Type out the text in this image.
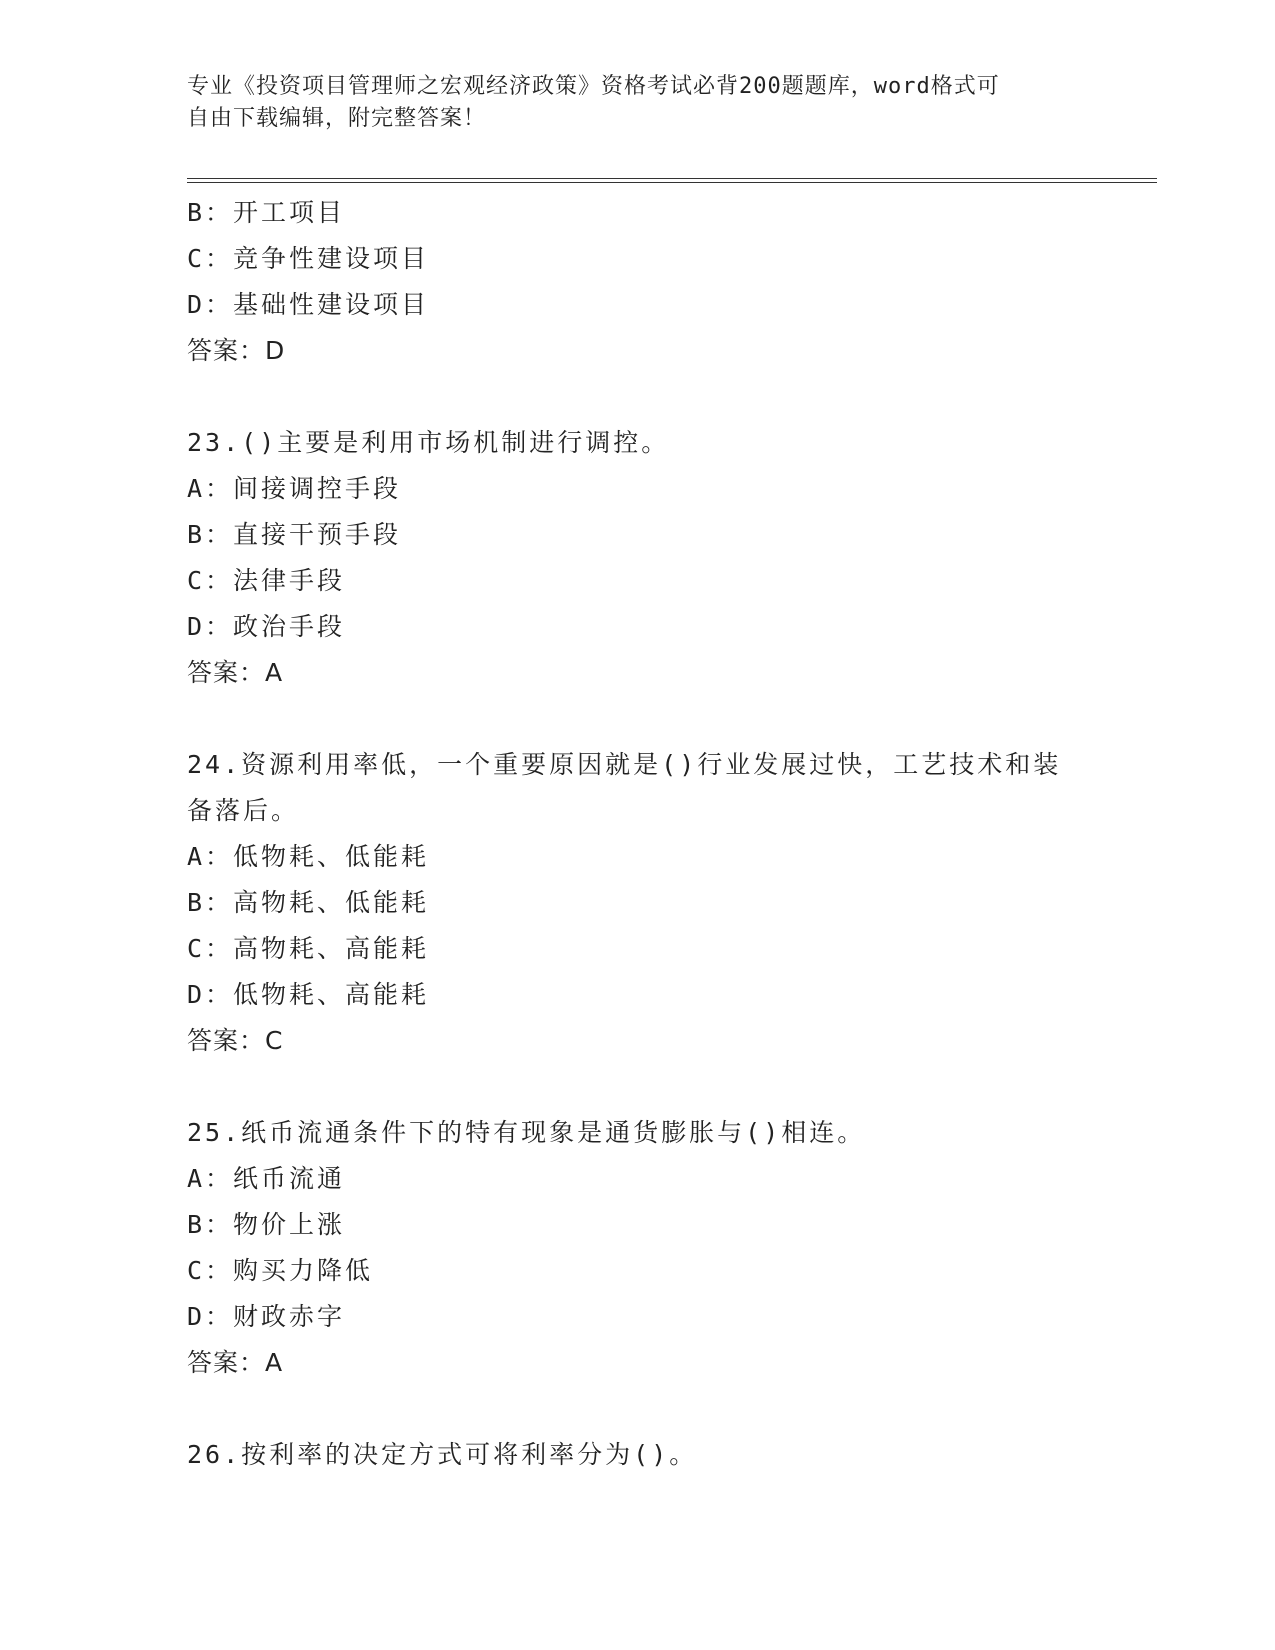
专业《投资项目管理师之宏观经济政策》资格考试必背200题题库，word格式可
自由下载编辑，附完整答案！
B：开工项目
C：竞争性建设项目
D：基础性建设项目
答案：D
23.()主要是利用市场机制进行调控。
A：间接调控手段
B：直接干预手段
C：法律手段
D：政治手段
答案：A
24.资源利用率低，一个重要原因就是()行业发展过快，工艺技术和装
备落后。
A：低物耗、低能耗
B：高物耗、低能耗
C：高物耗、高能耗
D：低物耗、高能耗
答案：C
25.纸币流通条件下的特有现象是通货膨胀与()相连。
A：纸币流通
B：物价上涨
C：购买力降低
D：财政赤字
答案：A
26.按利率的决定方式可将利率分为()。
